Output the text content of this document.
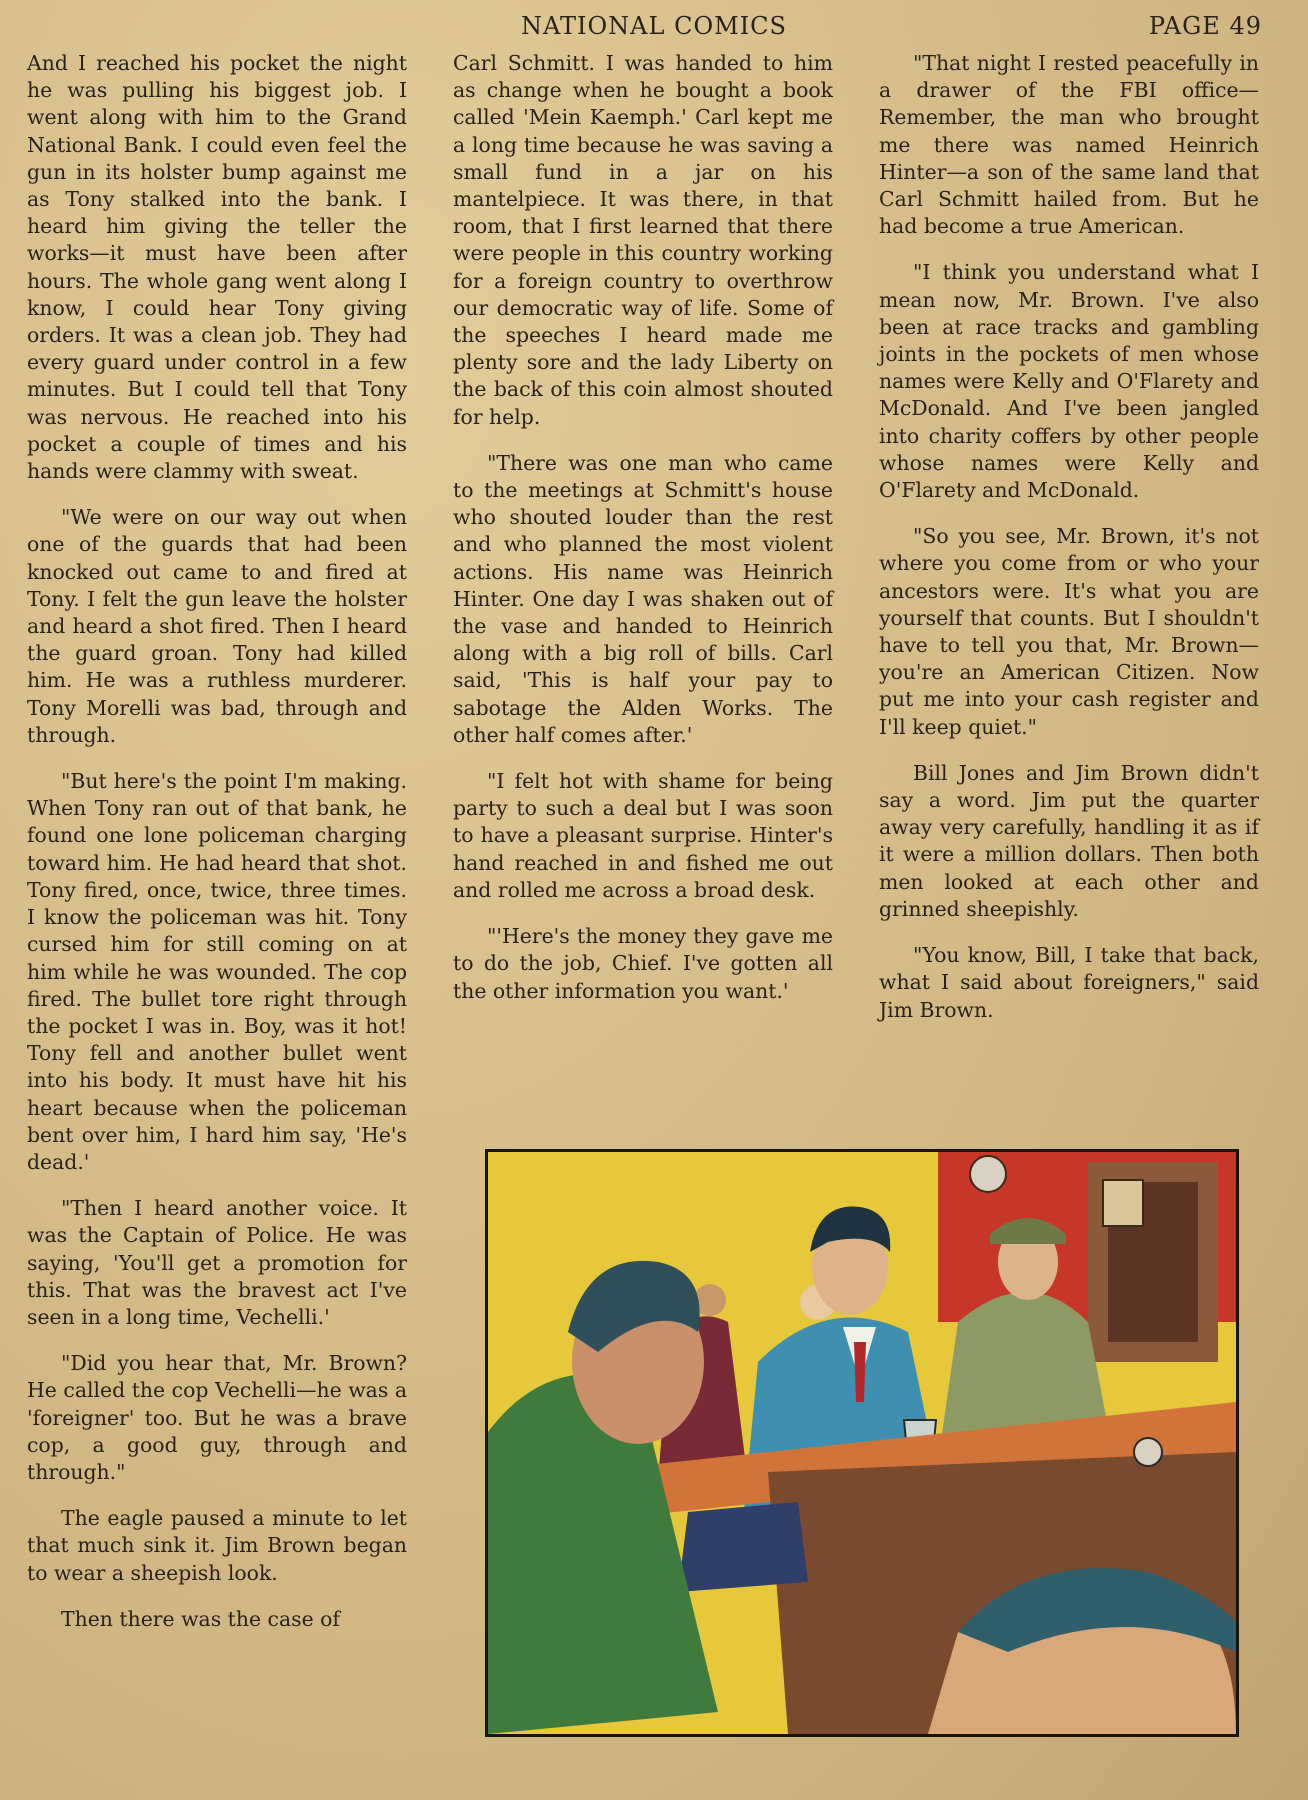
NATIONAL COMICS	PAGE 49

And I reached his pocket the night he was pulling his biggest job. I went along with him to the Grand National Bank. I could even feel the gun in its holster bump against me as Tony stalked into the bank. I heard him giving the teller the works—it must have been after hours. The whole gang went along I know, I could hear Tony giving orders. It was a clean job. They had every guard under control in a few minutes. But I could tell that Tony was nervous. He reached into his pocket a couple of times and his hands were clammy with sweat.

"We were on our way out when one of the guards that had been knocked out came to and fired at Tony. I felt the gun leave the holster and heard a shot fired. Then I heard the guard groan. Tony had killed him. He was a ruthless murderer. Tony Morelli was bad, through and through.

"But here's the point I'm making. When Tony ran out of that bank, he found one lone policeman charging toward him. He had heard that shot. Tony fired, once, twice, three times. I know the policeman was hit. Tony cursed him for still coming on at him while he was wounded. The cop fired. The bullet tore right through the pocket I was in. Boy, was it hot! Tony fell and another bullet went into his body. It must have hit his heart because when the policeman bent over him, I hard him say, 'He's dead.'

"Then I heard another voice. It was the Captain of Police. He was saying, 'You'll get a promotion for this. That was the bravest act I've seen in a long time, Vechelli.'

"Did you hear that, Mr. Brown? He called the cop Vechelli—he was a 'foreigner' too. But he was a brave cop, a good guy, through and through."

The eagle paused a minute to let that much sink it. Jim Brown began to wear a sheepish look.

Then there was the case of

Carl Schmitt. I was handed to him as change when he bought a book called 'Mein Kaemph.' Carl kept me a long time because he was saving a small fund in a jar on his mantelpiece. It was there, in that room, that I first learned that there were people in this country working for a foreign country to overthrow our democratic way of life. Some of the speeches I heard made me plenty sore and the lady Liberty on the back of this coin almost shouted for help.

"There was one man who came to the meetings at Schmitt's house who shouted louder than the rest and who planned the most violent actions. His name was Heinrich Hinter. One day I was shaken out of the vase and handed to Heinrich along with a big roll of bills. Carl said, 'This is half your pay to sabotage the Alden Works. The other half comes after.'

"I felt hot with shame for being party to such a deal but I was soon to have a pleasant surprise. Hinter's hand reached in and fished me out and rolled me across a broad desk.

"'Here's the money they gave me to do the job, Chief. I've gotten all the other information you want.'

"That night I rested peacefully in a drawer of the FBI office—Remember, the man who brought me there was named Heinrich Hinter—a son of the same land that Carl Schmitt hailed from. But he had become a true American.

"I think you understand what I mean now, Mr. Brown. I've also been at race tracks and gambling joints in the pockets of men whose names were Kelly and O'Flarety and McDonald. And I've been jangled into charity coffers by other people whose names were Kelly and O'Flarety and McDonald.

"So you see, Mr. Brown, it's not where you come from or who your ancestors were. It's what you are yourself that counts. But I shouldn't have to tell you that, Mr. Brown—you're an American Citizen. Now put me into your cash register and I'll keep quiet."

Bill Jones and Jim Brown didn't say a word. Jim put the quarter away very carefully, handling it as if it were a million dollars. Then both men looked at each other and grinned sheepishly.

"You know, Bill, I take that back, what I said about foreigners," said Jim Brown.
